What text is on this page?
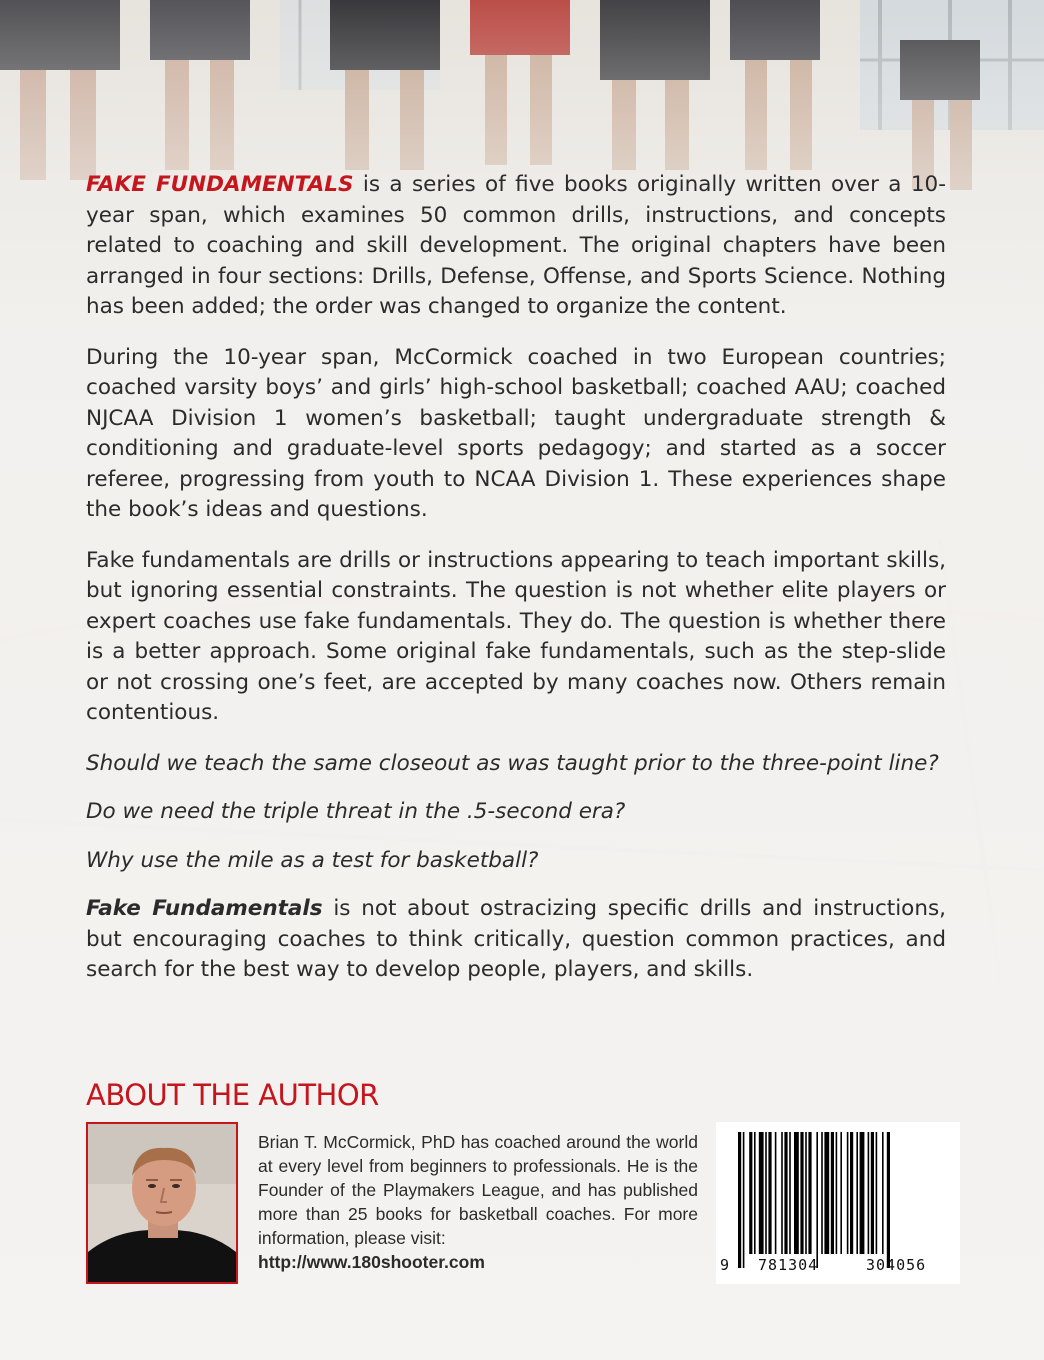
FAKE FUNDAMENTALS is a series of five books originally written over a 10-year span, which examines 50 common drills, instructions, and concepts related to coaching and skill development. The original chapters have been arranged in four sections: Drills, Defense, Offense, and Sports Science. Nothing has been added; the order was changed to organize the content.

During the 10-year span, McCormick coached in two European countries; coached varsity boys’ and girls’ high-school basketball; coached AAU; coached NJCAA Division 1 women’s basketball; taught undergraduate strength & conditioning and graduate-level sports pedagogy; and started as a soccer referee, progressing from youth to NCAA Division 1. These experiences shape the book’s ideas and questions.

Fake fundamentals are drills or instructions appearing to teach important skills, but ignoring essential constraints. The question is not whether elite players or expert coaches use fake fundamentals. They do. The question is whether there is a better approach. Some original fake fundamentals, such as the step-slide or not crossing one’s feet, are accepted by many coaches now. Others remain contentious.

Should we teach the same closeout as was taught prior to the three-point line?

Do we need the triple threat in the .5-second era?

Why use the mile as a test for basketball?

Fake Fundamentals is not about ostracizing specific drills and instructions, but encouraging coaches to think critically, question common practices, and search for the best way to develop people, players, and skills.

ABOUT THE AUTHOR

Brian T. McCormick, PhD has coached around the world at every level from beginners to professionals. He is the Founder of the Playmakers League, and has published more than 25 books for basketball coaches. For more information, please visit:
http://www.180shooter.com	9 781304	304056
